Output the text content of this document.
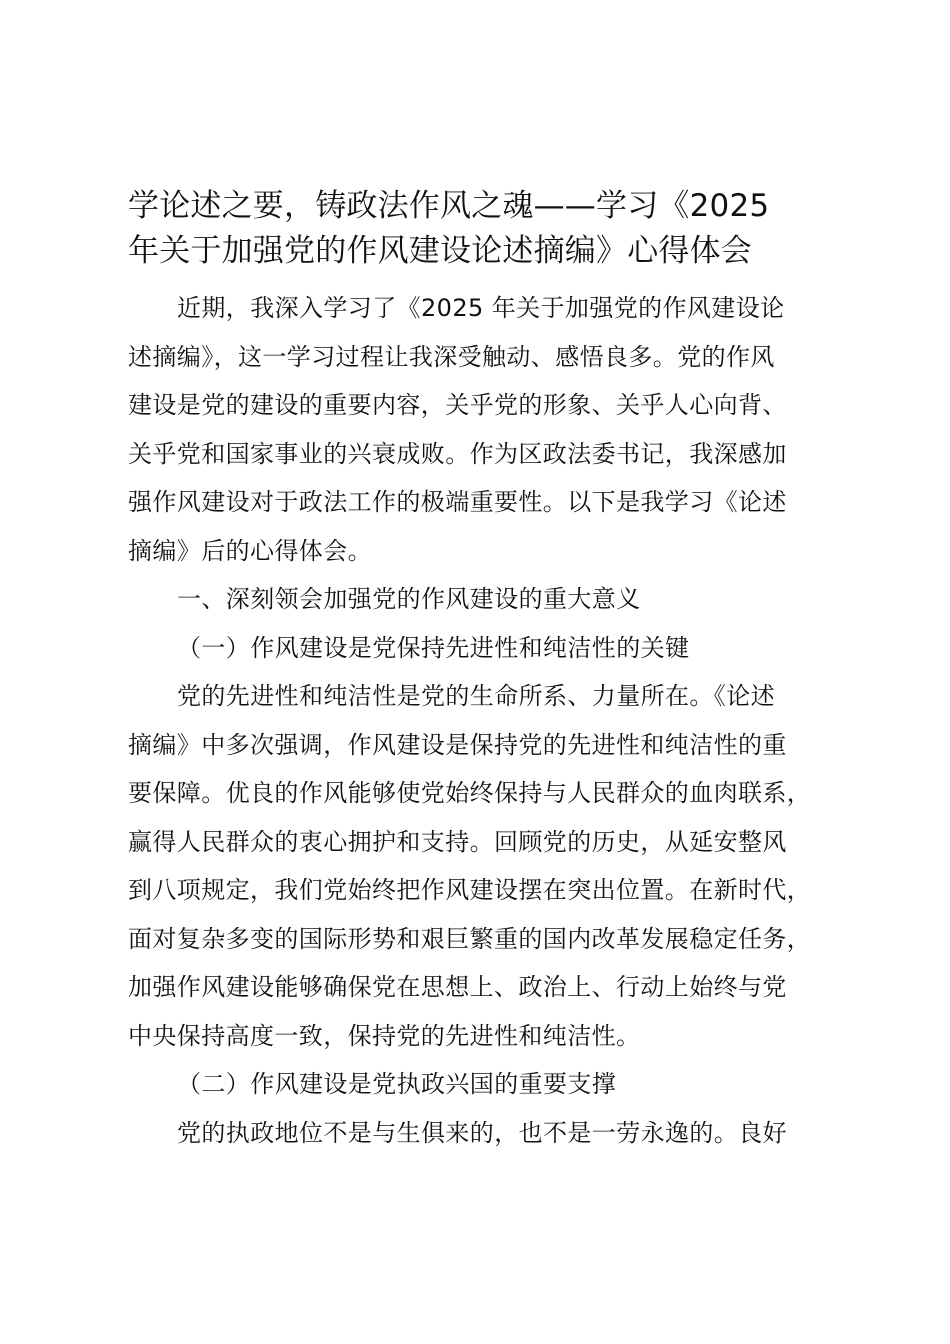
学论述之要，铸政法作风之魂——学习《2025
年关于加强党的作风建设论述摘编》心得体会
近期，我深入学习了《2025 年关于加强党的作风建设论
述摘编》，这一学习过程让我深受触动、感悟良多。党的作风
建设是党的建设的重要内容，关乎党的形象、关乎人心向背、
关乎党和国家事业的兴衰成败。作为区政法委书记，我深感加
强作风建设对于政法工作的极端重要性。以下是我学习《论述
摘编》后的心得体会。
一、深刻领会加强党的作风建设的重大意义
（一）作风建设是党保持先进性和纯洁性的关键
党的先进性和纯洁性是党的生命所系、力量所在。《论述
摘编》中多次强调，作风建设是保持党的先进性和纯洁性的重
要保障。优良的作风能够使党始终保持与人民群众的血肉联系，
赢得人民群众的衷心拥护和支持。回顾党的历史，从延安整风
到八项规定，我们党始终把作风建设摆在突出位置。在新时代，
面对复杂多变的国际形势和艰巨繁重的国内改革发展稳定任务，
加强作风建设能够确保党在思想上、政治上、行动上始终与党
中央保持高度一致，保持党的先进性和纯洁性。
（二）作风建设是党执政兴国的重要支撑
党的执政地位不是与生俱来的，也不是一劳永逸的。良好
